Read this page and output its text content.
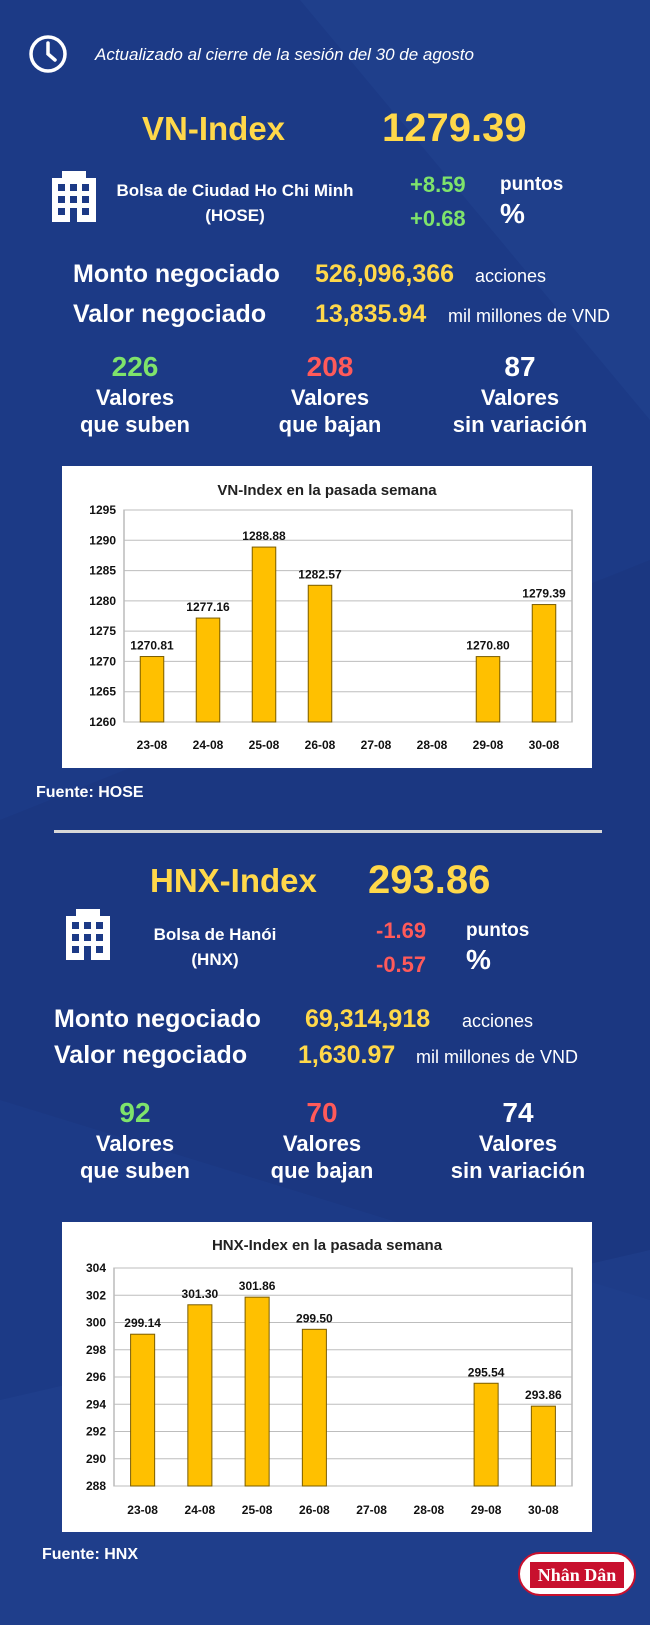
Actualizado al cierre de la sesión del 30 de agosto
VN-Index 1279.39
Bolsa de Ciudad Ho Chi Minh
(HOSE)
+8.59
+0.68
puntos
%
Monto negociado 526,096,366 acciones
Valor negociado 13,835.94 mil millones de VND
226
Valores
que suben
208
Valores
que bajan
87
Valores
sin variación
VN-Index en la pasada semana
1260
1265
1270
1275
1280
1285
1290
1295
1270.81
23-08
1277.16
24-08
1288.88
25-08
1282.57
26-08 27-08 28-08
1270.80
29-08
1279.39
30-08
Fuente: HOSE
HNX-Index 293.86
Bolsa de Hanói
(HNX)
-1.69
-0.57
puntos
%
Monto negociado 69,314,918 acciones
Valor negociado 1,630.97 mil millones de VND
92
Valores
que suben
70
Valores
que bajan
74
Valores
sin variación
HNX-Index en la pasada semana
288
290
292
294
296
298
300
302
304
299.14
23-08
301.30
24-08
301.86
25-08
299.50
26-08 27-08 28-08
295.54
29-08
293.86
30-08
Fuente: HNX
Nhân Dân
